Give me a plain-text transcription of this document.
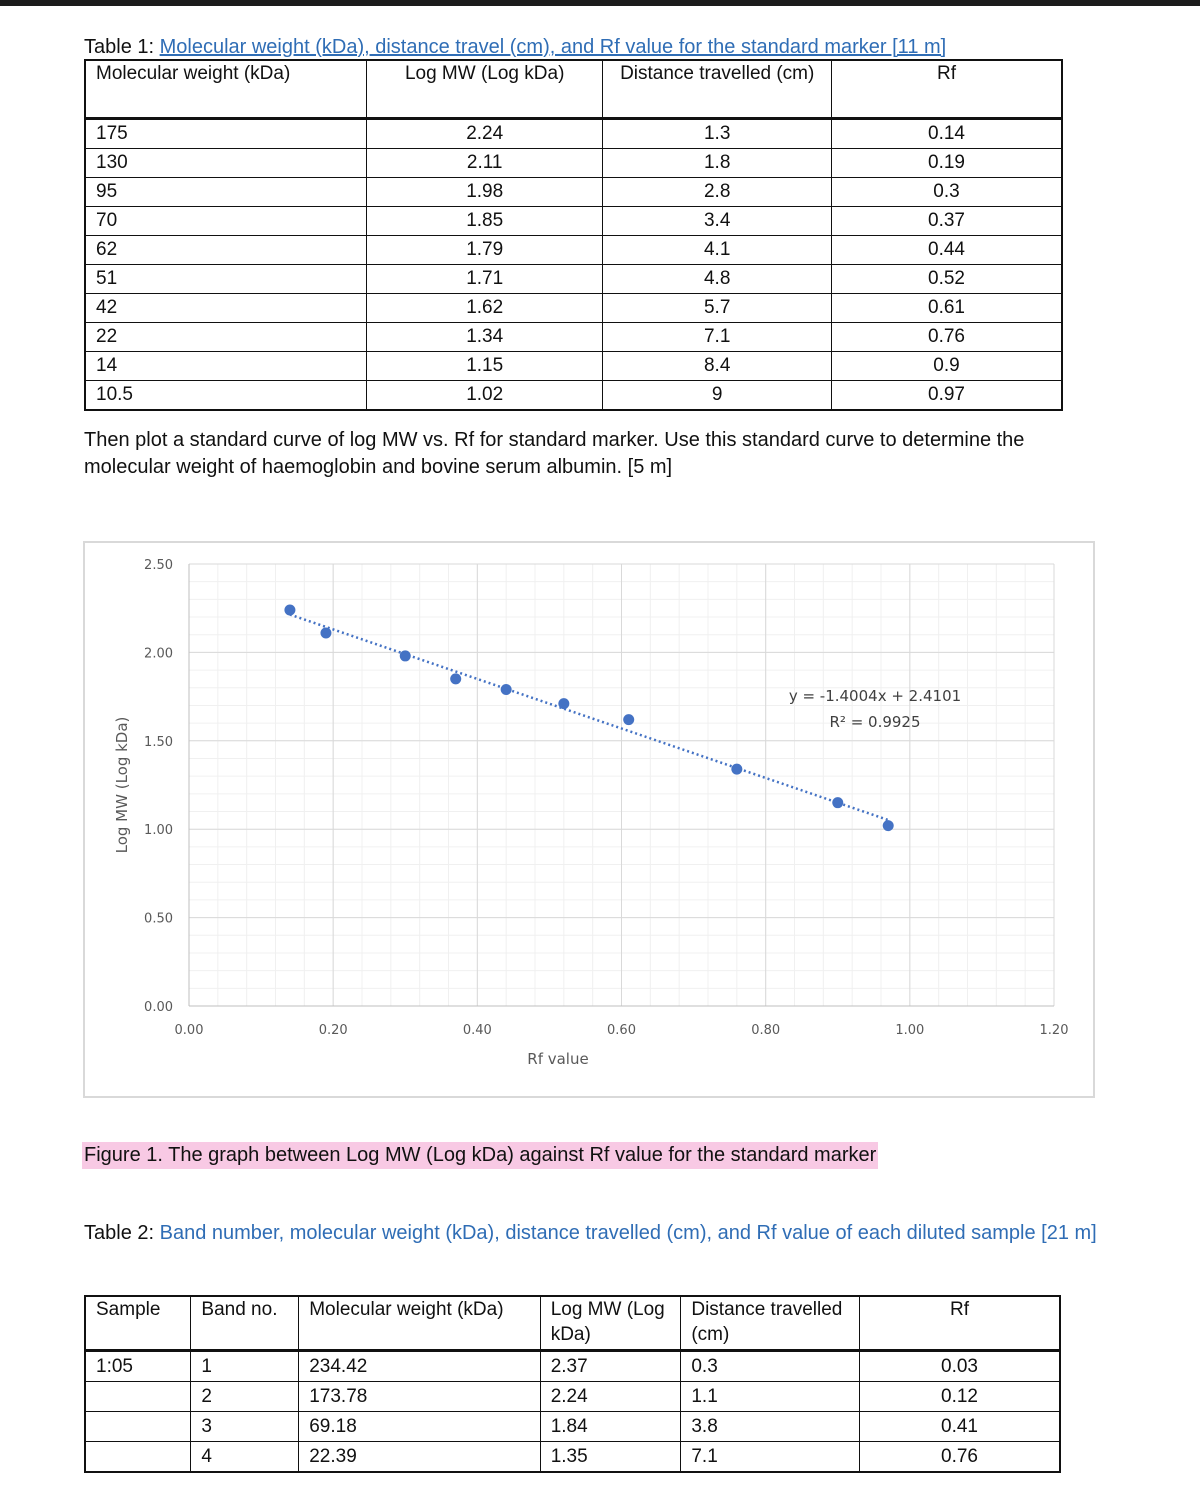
Table 1: Molecular weight (kDa), distance travel (cm), and Rf value for the standard marker [11 m]
Molecular weight (kDa)	Log MW (Log kDa)	Distance travelled (cm)	Rf
175	2.24	1.3	0.14
130	2.11	1.8	0.19
95	1.98	2.8	0.3
70	1.85	3.4	0.37
62	1.79	4.1	0.44
51	1.71	4.8	0.52
42	1.62	5.7	0.61
22	1.34	7.1	0.76
14	1.15	8.4	0.9
10.5	1.02	9	0.97
Then plot a standard curve of log MW vs. Rf for standard marker. Use this standard curve to determine the molecular weight of haemoglobin and bovine serum albumin. [5 m]
0.00
0.50
1.00
1.50
2.00
2.50
0.00	0.20	0.40	0.60	0.80	1.00	1.20
Rf value
Log MW (Log kDa)
y = -1.4004x + 2.4101
R² = 0.9925
Figure 1. The graph between Log MW (Log kDa) against Rf value for the standard marker
Table 2: Band number, molecular weight (kDa), distance travelled (cm), and Rf value of each diluted sample [21 m]
Sample	Band no.	Molecular weight (kDa)	Log MW (Log kDa)	Distance travelled (cm)	Rf
1:05	1	234.42	2.37	0.3	0.03
	2	173.78	2.24	1.1	0.12
	3	69.18	1.84	3.8	0.41
	4	22.39	1.35	7.1	0.76
